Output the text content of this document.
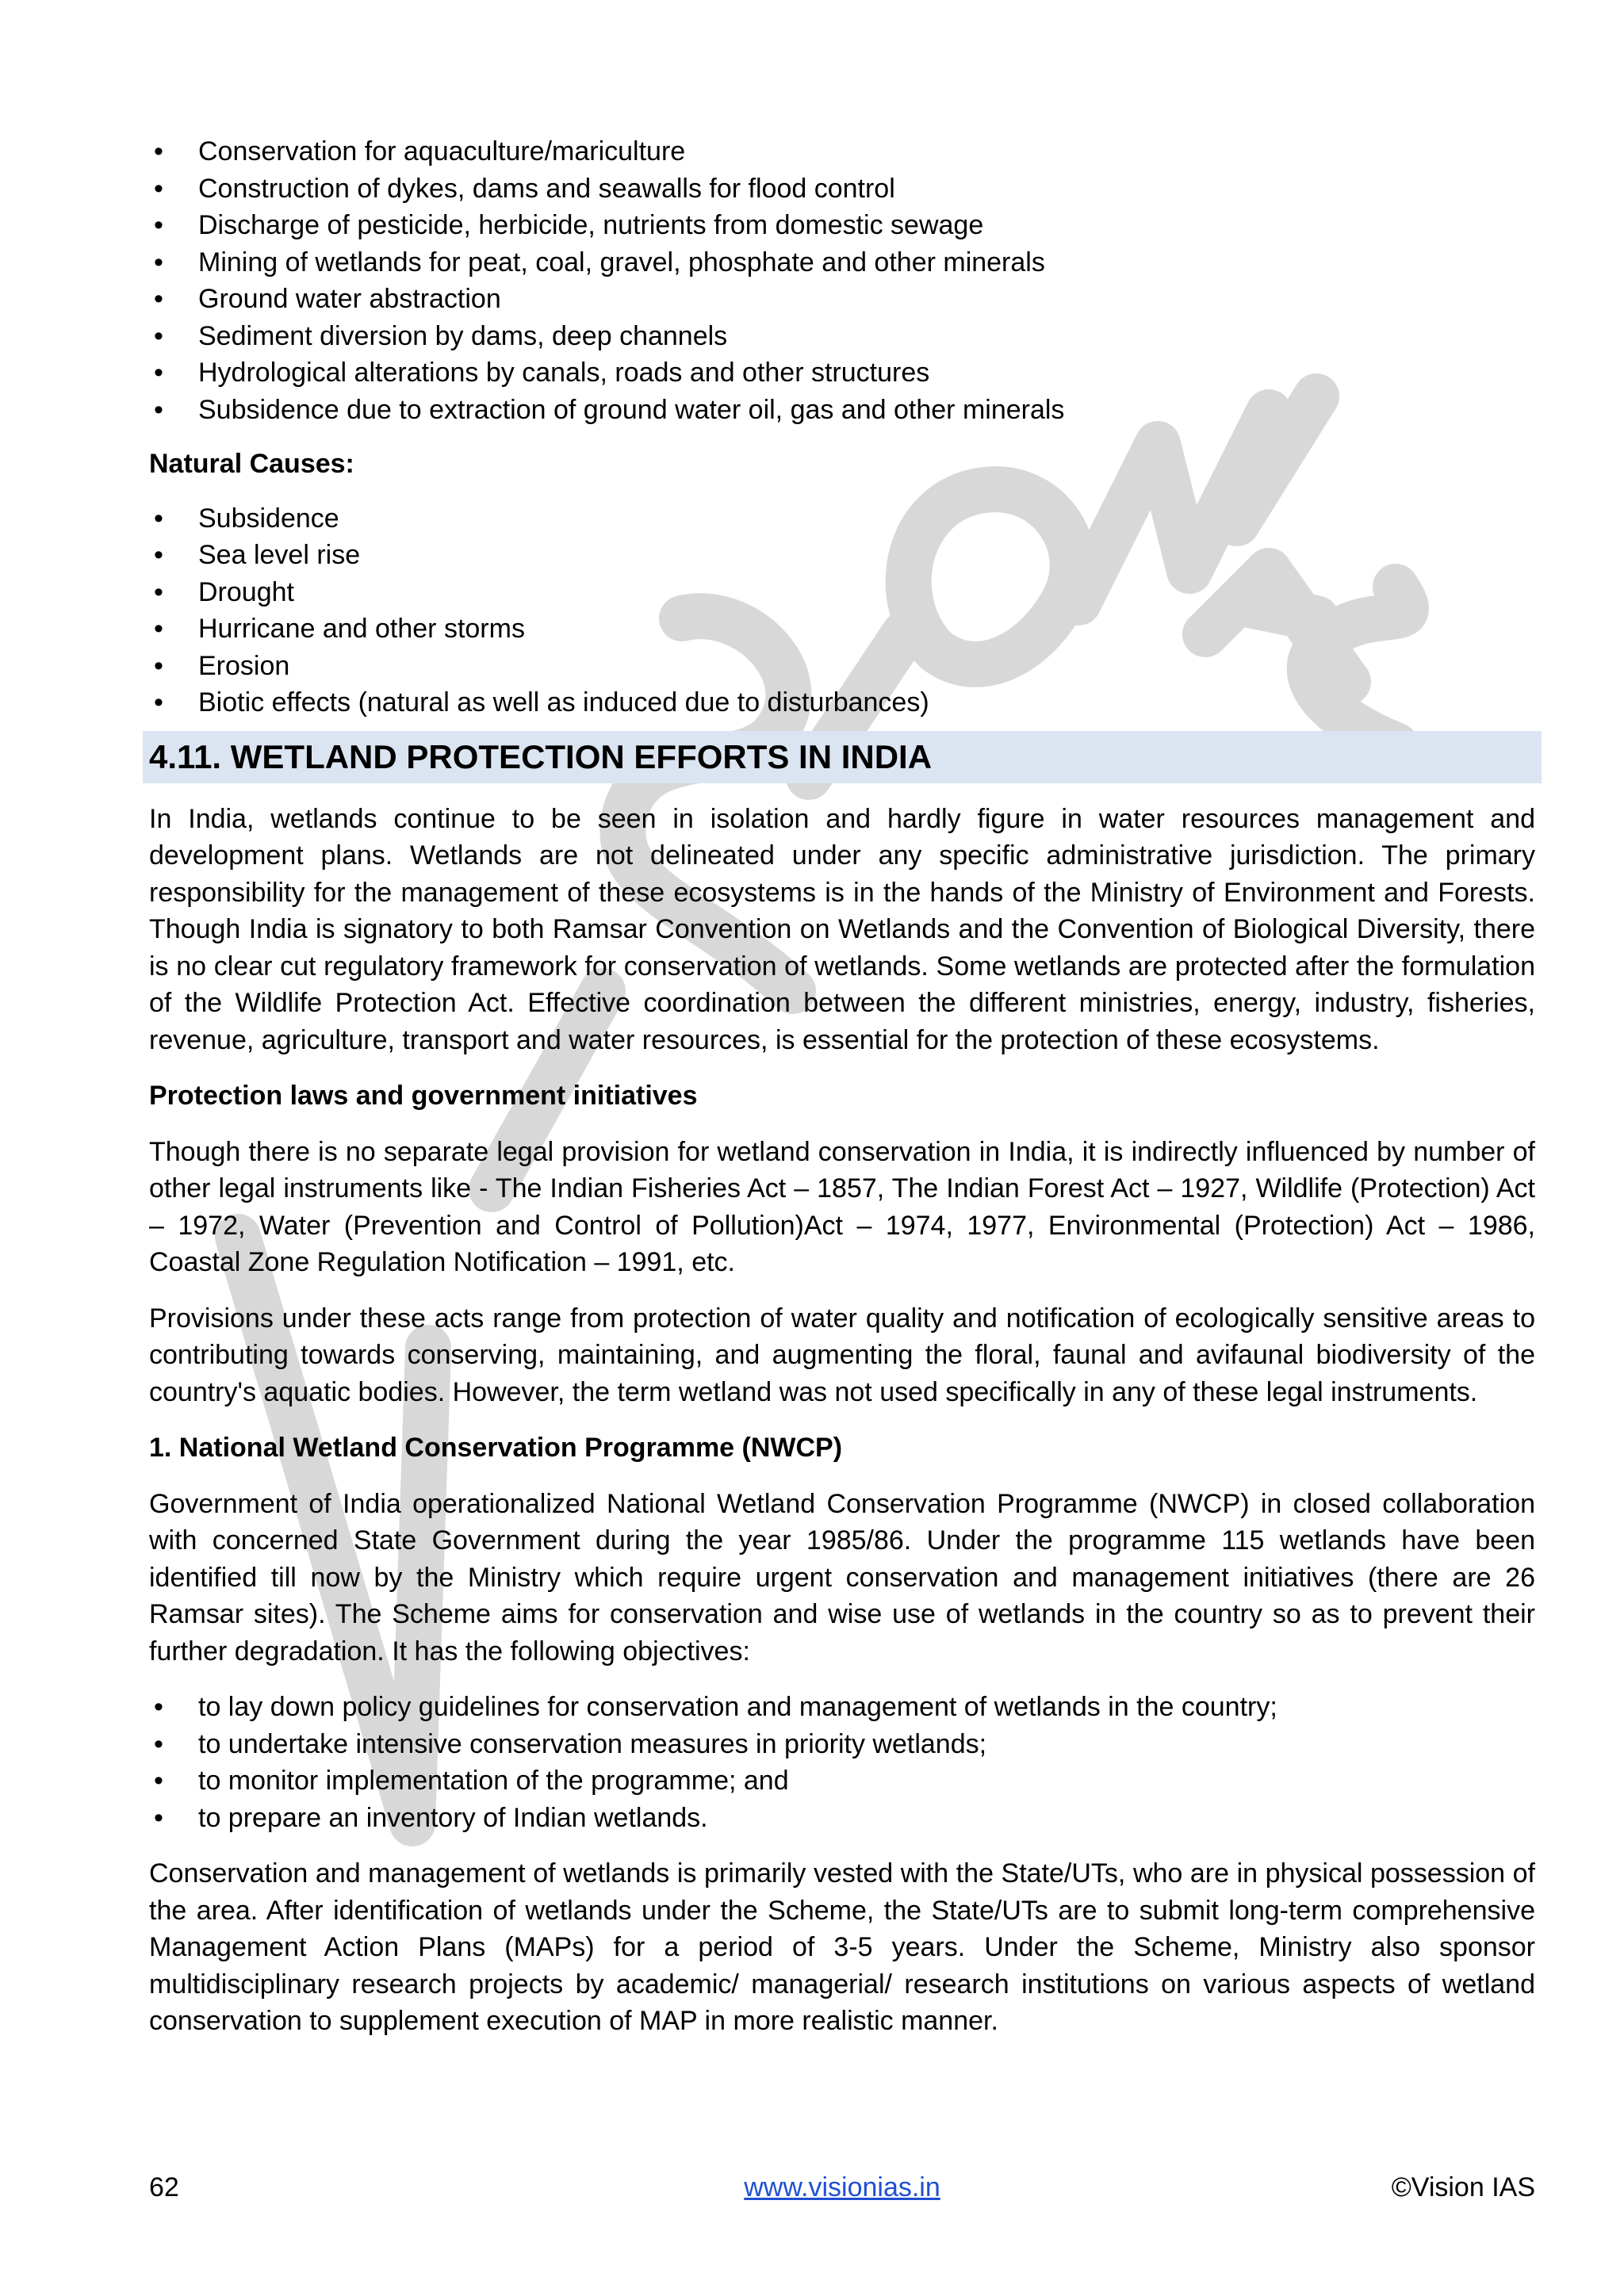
VISION IAS
• Conservation for aquaculture/mariculture
• Construction of dykes, dams and seawalls for flood control
• Discharge of pesticide, herbicide, nutrients from domestic sewage
• Mining of wetlands for peat, coal, gravel, phosphate and other minerals
• Ground water abstraction
• Sediment diversion by dams, deep channels
• Hydrological alterations by canals, roads and other structures
• Subsidence due to extraction of ground water oil, gas and other minerals

Natural Causes:

• Subsidence
• Sea level rise
• Drought
• Hurricane and other storms
• Erosion
• Biotic effects (natural as well as induced due to disturbances)
4.11. WETLAND PROTECTION EFFORTS IN INDIA

In India, wetlands continue to be seen in isolation and hardly figure in water resources management and development plans. Wetlands are not delineated under any specific administrative jurisdiction. The primary responsibility for the management of these ecosystems is in the hands of the Ministry of Environment and Forests. Though India is signatory to both Ramsar Convention on Wetlands and the Convention of Biological Diversity, there is no clear cut regulatory framework for conservation of wetlands. Some wetlands are protected after the formulation of the Wildlife Protection Act. Effective coordination between the different ministries, energy, industry, fisheries, revenue, agriculture, transport and water resources, is essential for the protection of these ecosystems.

Protection laws and government initiatives

Though there is no separate legal provision for wetland conservation in India, it is indirectly influenced by number of other legal instruments like - The Indian Fisheries Act – 1857, The Indian Forest Act – 1927, Wildlife (Protection) Act – 1972, Water (Prevention and Control of Pollution)Act – 1974, 1977, Environmental (Protection) Act – 1986, Coastal Zone Regulation Notification – 1991, etc.

Provisions under these acts range from protection of water quality and notification of ecologically sensitive areas to contributing towards conserving, maintaining, and augmenting the floral, faunal and avifaunal biodiversity of the country's aquatic bodies. However, the term wetland was not used specifically in any of these legal instruments.

1. National Wetland Conservation Programme (NWCP)

Government of India operationalized National Wetland Conservation Programme (NWCP) in closed collaboration with concerned State Government during the year 1985/86. Under the programme 115 wetlands have been identified till now by the Ministry which require urgent conservation and management initiatives (there are 26 Ramsar sites). The Scheme aims for conservation and wise use of wetlands in the country so as to prevent their further degradation. It has the following objectives:

• to lay down policy guidelines for conservation and management of wetlands in the country;
• to undertake intensive conservation measures in priority wetlands;
• to monitor implementation of the programme; and
• to prepare an inventory of Indian wetlands.

Conservation and management of wetlands is primarily vested with the State/UTs, who are in physical possession of the area. After identification of wetlands under the Scheme, the State/UTs are to submit long-term comprehensive Management Action Plans (MAPs) for a period of 3-5 years. Under the Scheme, Ministry also sponsor multidisciplinary research projects by academic/ managerial/ research institutions on various aspects of wetland conservation to supplement execution of MAP in more realistic manner.

62	www.visionias.in	©Vision IAS
